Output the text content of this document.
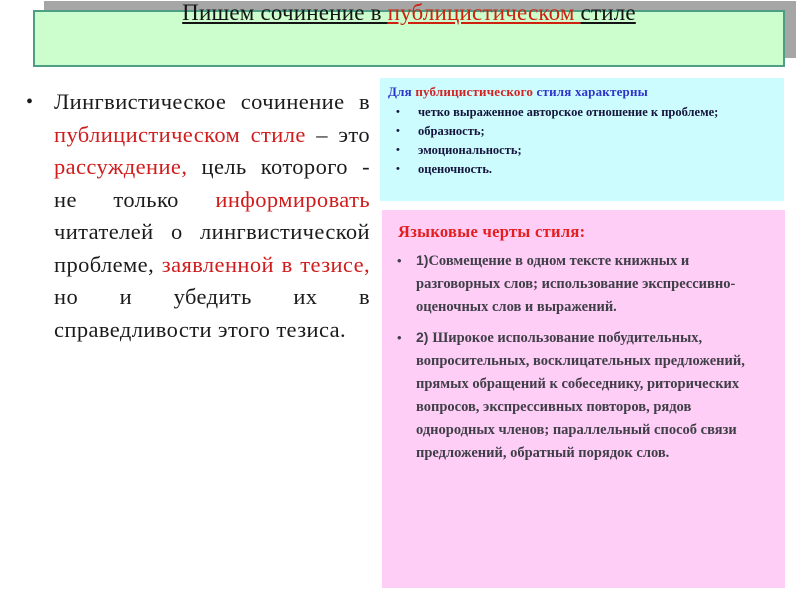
Пишем сочинение в публицистическом стиле
• Лингвистическое сочинение в публицистическом стиле – это рассуждение, цель которого - не только информировать читателей о лингвистической проблеме, заявленной в тезисе, но и убедить их в справедливости этого тезиса.

Для публицистического стиля характерны
•	четко выраженное авторское отношение к проблеме;
•	образность;
•	эмоциональность;
•	оценочность.
Языковые черты стиля:
•	1)Совмещение в одном тексте книжных и разговорных слов; использование экспрессивно-оценочных слов и выражений.
•	2) Широкое использование побудительных, вопросительных, восклицательных предложений, прямых обращений к собеседнику, риторических вопросов, экспрессивных повторов, рядов однородных членов; параллельный способ связи предложений, обратный порядок слов.
